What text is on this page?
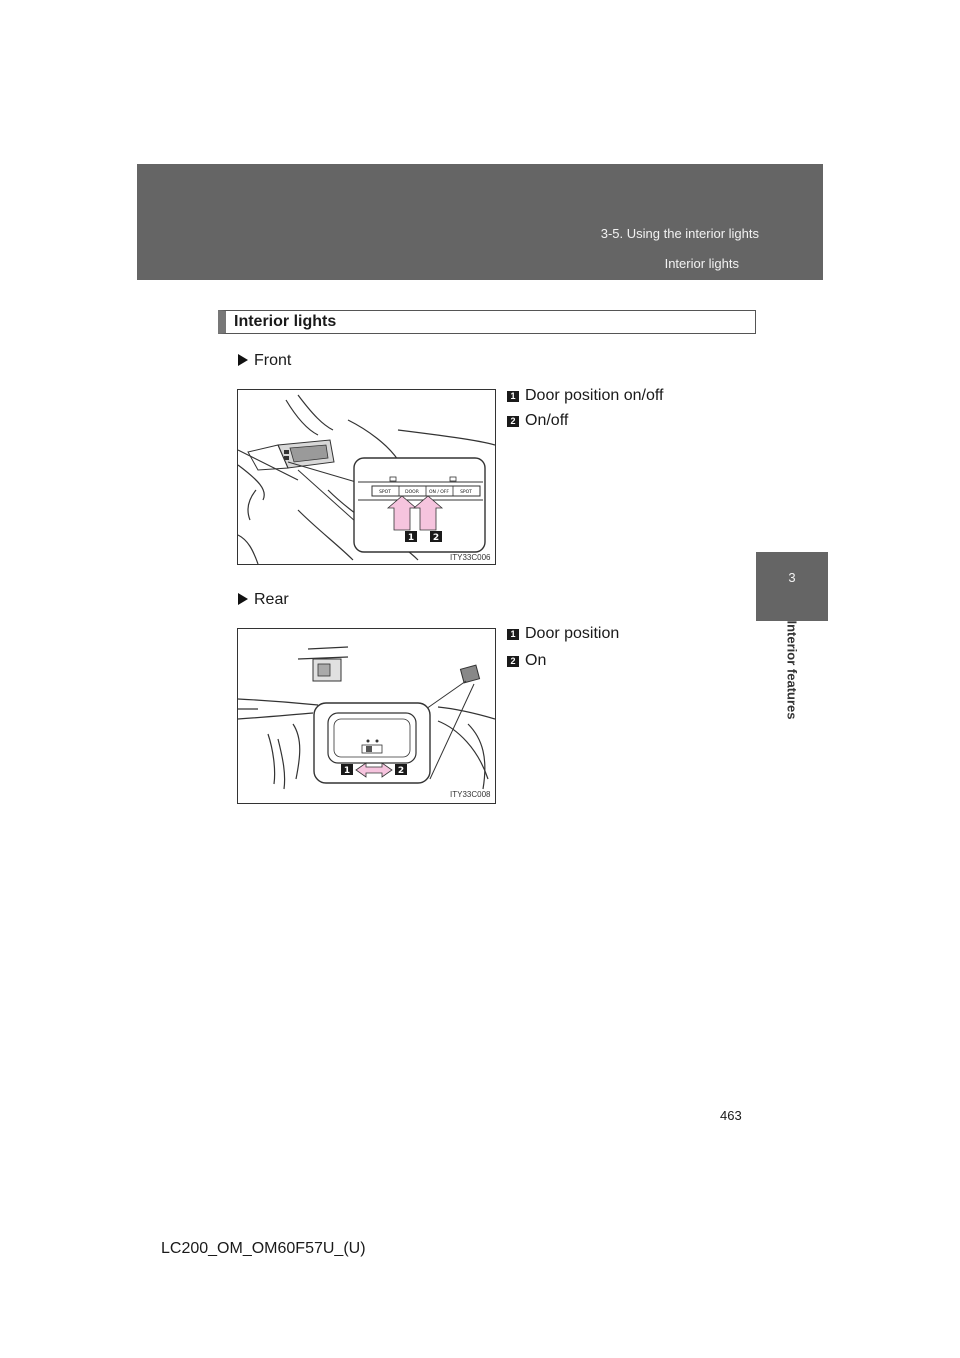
3-5. Using the interior lights
Interior lights
3
Interior features
Interior lights
Front
1 Door position on/off
2 On/off
SPOT	DOOR ON / OFF SPOT
1 2
ITY33C006
Rear
1 Door position
2 On
1	2
ITY33C008
463
LC200_OM_OM60F57U_(U)
